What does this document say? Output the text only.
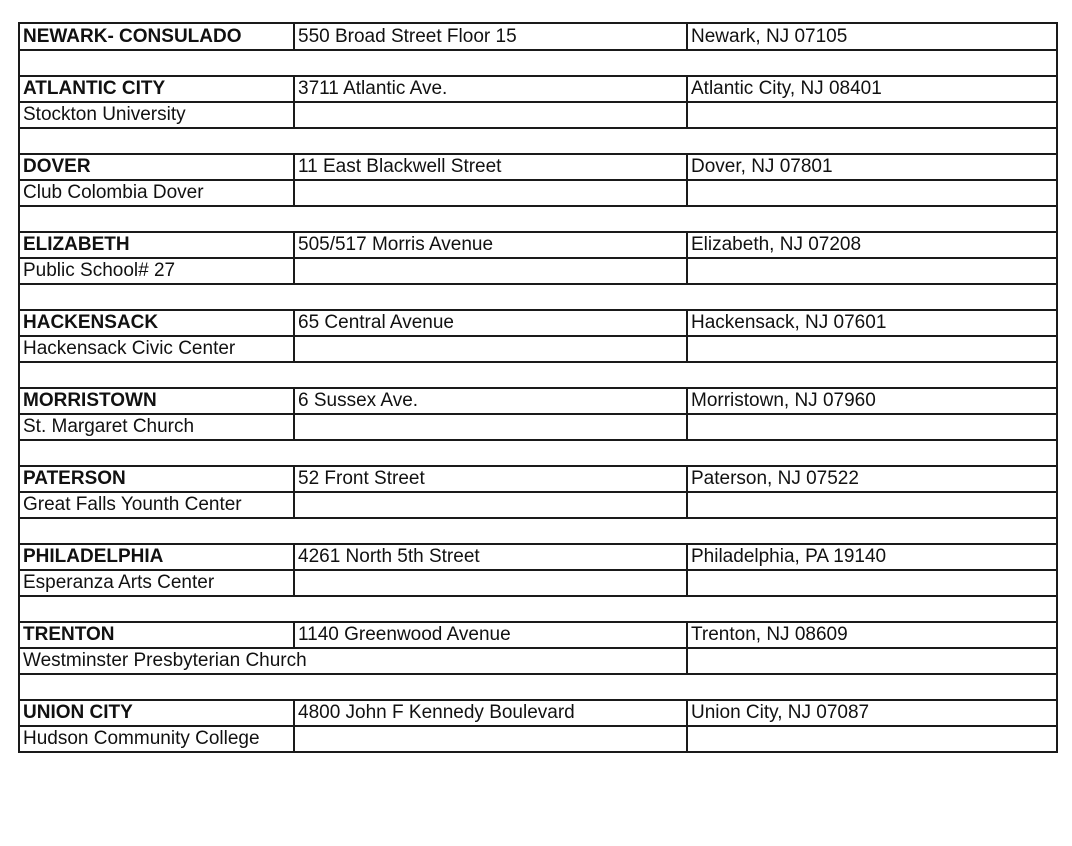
NEWARK- CONSULADO	550 Broad Street Floor 15	Newark, NJ 07105

ATLANTIC CITY	3711 Atlantic Ave.	Atlantic City, NJ 08401
Stockton University		

DOVER	11 East Blackwell Street	Dover, NJ 07801
Club Colombia Dover		

ELIZABETH	505/517 Morris Avenue	Elizabeth, NJ 07208
Public School# 27		

HACKENSACK	65 Central Avenue	Hackensack, NJ 07601
Hackensack Civic Center		

MORRISTOWN	6 Sussex Ave.	Morristown, NJ 07960
St. Margaret Church		

PATERSON	52 Front Street	Paterson, NJ 07522
Great Falls Younth Center		

PHILADELPHIA	4261 North 5th Street	Philadelphia, PA 19140
Esperanza Arts Center		

TRENTON	1140 Greenwood Avenue	Trenton, NJ 08609
Westminster Presbyterian Church		

UNION CITY	4800 John F Kennedy Boulevard	Union City, NJ 07087
Hudson Community College		
